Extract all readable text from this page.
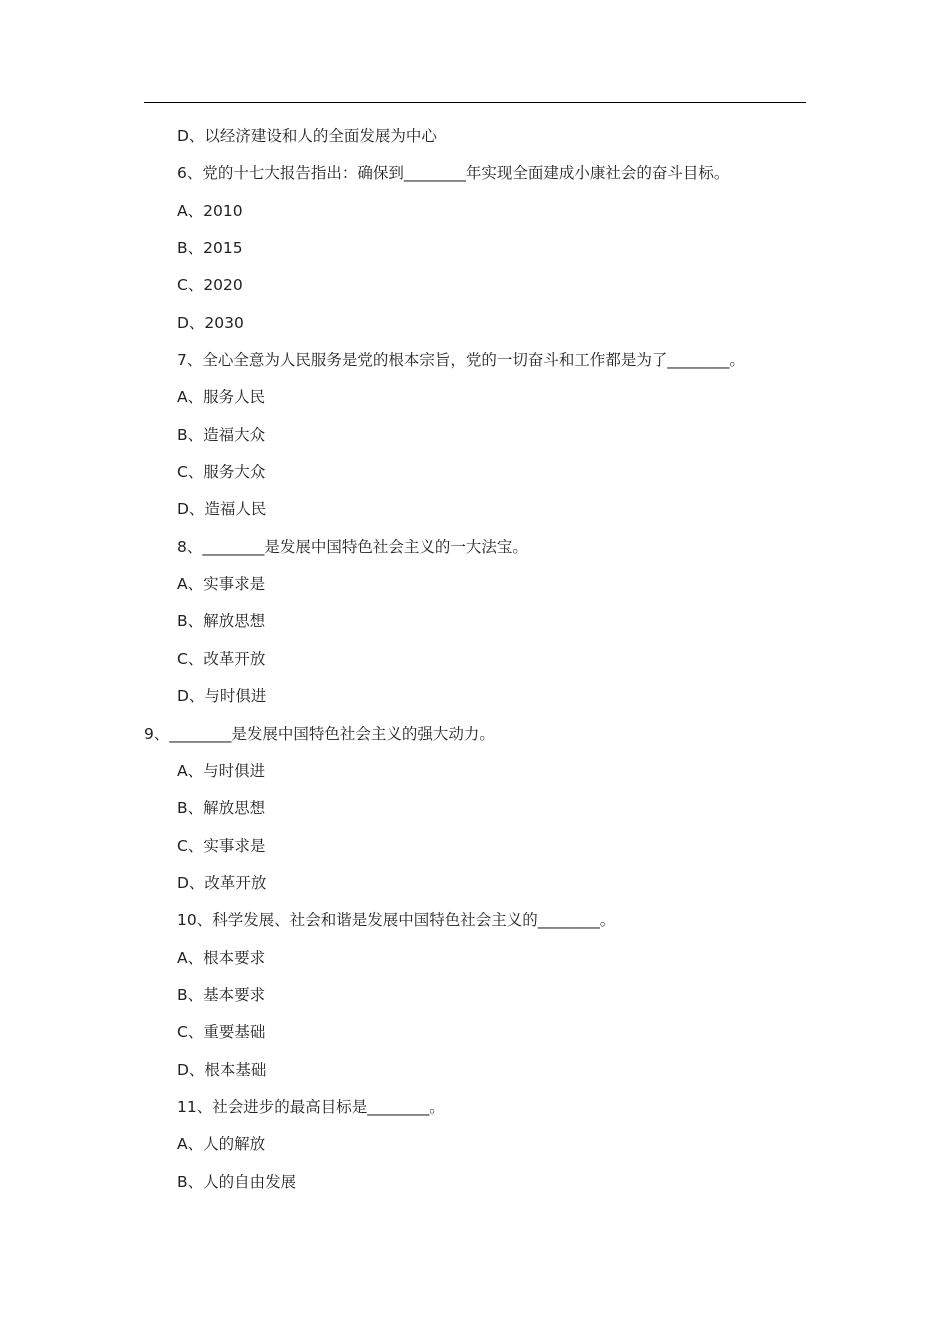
D、以经济建设和人的全面发展为中心
6、党的十七大报告指出：确保到________年实现全面建成小康社会的奋斗目标。
A、2010
B、2015
C、2020
D、2030
7、全心全意为人民服务是党的根本宗旨，党的一切奋斗和工作都是为了________。
A、服务人民
B、造福大众
C、服务大众
D、造福人民
8、________是发展中国特色社会主义的一大法宝。
A、实事求是
B、解放思想
C、改革开放
D、与时俱进
9、________是发展中国特色社会主义的强大动力。
A、与时俱进
B、解放思想
C、实事求是
D、改革开放
10、科学发展、社会和谐是发展中国特色社会主义的________。
A、根本要求
B、基本要求
C、重要基础
D、根本基础
11、社会进步的最高目标是________。
A、人的解放
B、人的自由发展
